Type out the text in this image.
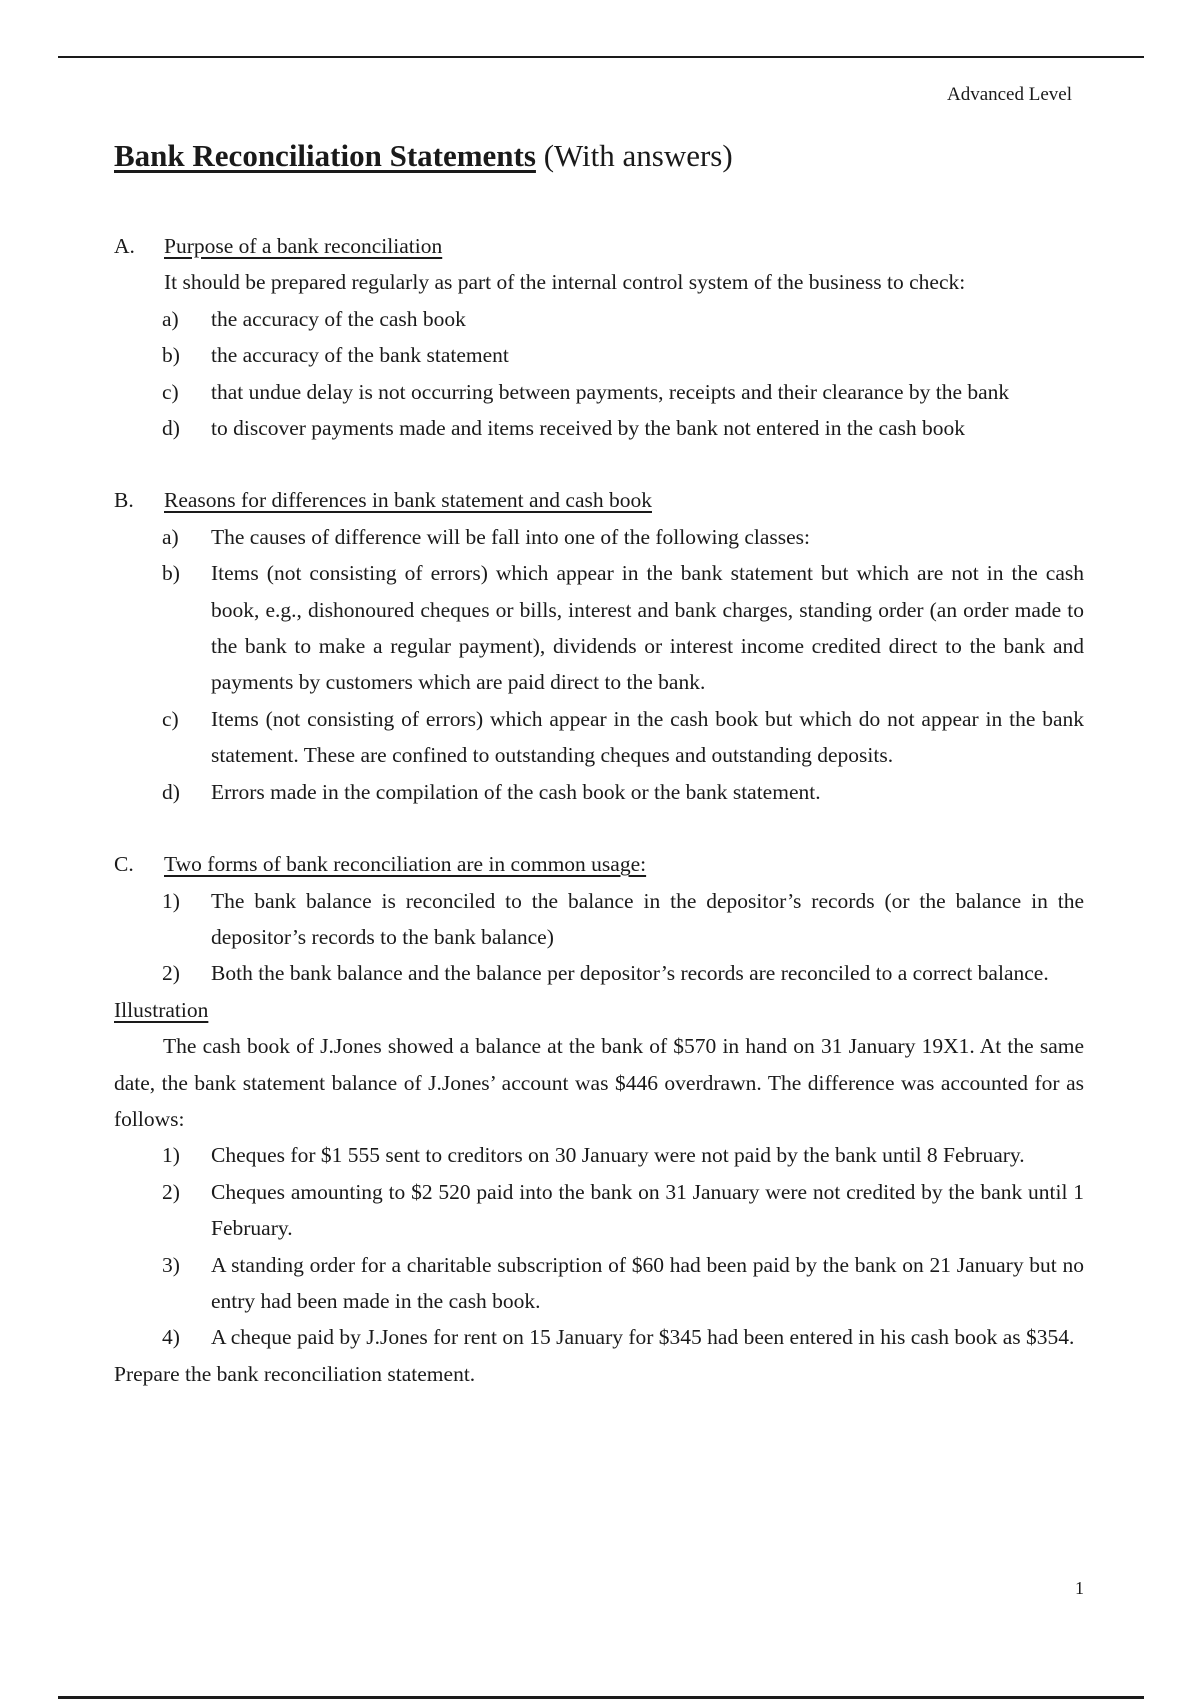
Advanced Level
Bank Reconciliation Statements (With answers)
A.	Purpose of a bank reconciliation
It should be prepared regularly as part of the internal control system of the business to check:
a)	the accuracy of the cash book
b)	the accuracy of the bank statement
c)	that undue delay is not occurring between payments, receipts and their clearance by the bank
d)	to discover payments made and items received by the bank not entered in the cash book
B.	Reasons for differences in bank statement and cash book
a)	The causes of difference will be fall into one of the following classes:
b)	Items (not consisting of errors) which appear in the bank statement but which are not in the cash book, e.g., dishonoured cheques or bills, interest and bank charges, standing order (an order made to the bank to make a regular payment), dividends or interest income credited direct to the bank and payments by customers which are paid direct to the bank.
c)	Items (not consisting of errors) which appear in the cash book but which do not appear in the bank statement. These are confined to outstanding cheques and outstanding deposits.
d)	Errors made in the compilation of the cash book or the bank statement.
C.	Two forms of bank reconciliation are in common usage:
1)	The bank balance is reconciled to the balance in the depositor’s records (or the balance in the depositor’s records to the bank balance)
2)	Both the bank balance and the balance per depositor’s records are reconciled to a correct balance.
Illustration
The cash book of J.Jones showed a balance at the bank of $570 in hand on 31 January 19X1. At the same date, the bank statement balance of J.Jones’ account was $446 overdrawn. The difference was accounted for as follows:
1)	Cheques for $1 555 sent to creditors on 30 January were not paid by the bank until 8 February.
2)	Cheques amounting to $2 520 paid into the bank on 31 January were not credited by the bank until 1 February.
3)	A standing order for a charitable subscription of $60 had been paid by the bank on 21 January but no entry had been made in the cash book.
4)	A cheque paid by J.Jones for rent on 15 January for $345 had been entered in his cash book as $354.
Prepare the bank reconciliation statement.
1
